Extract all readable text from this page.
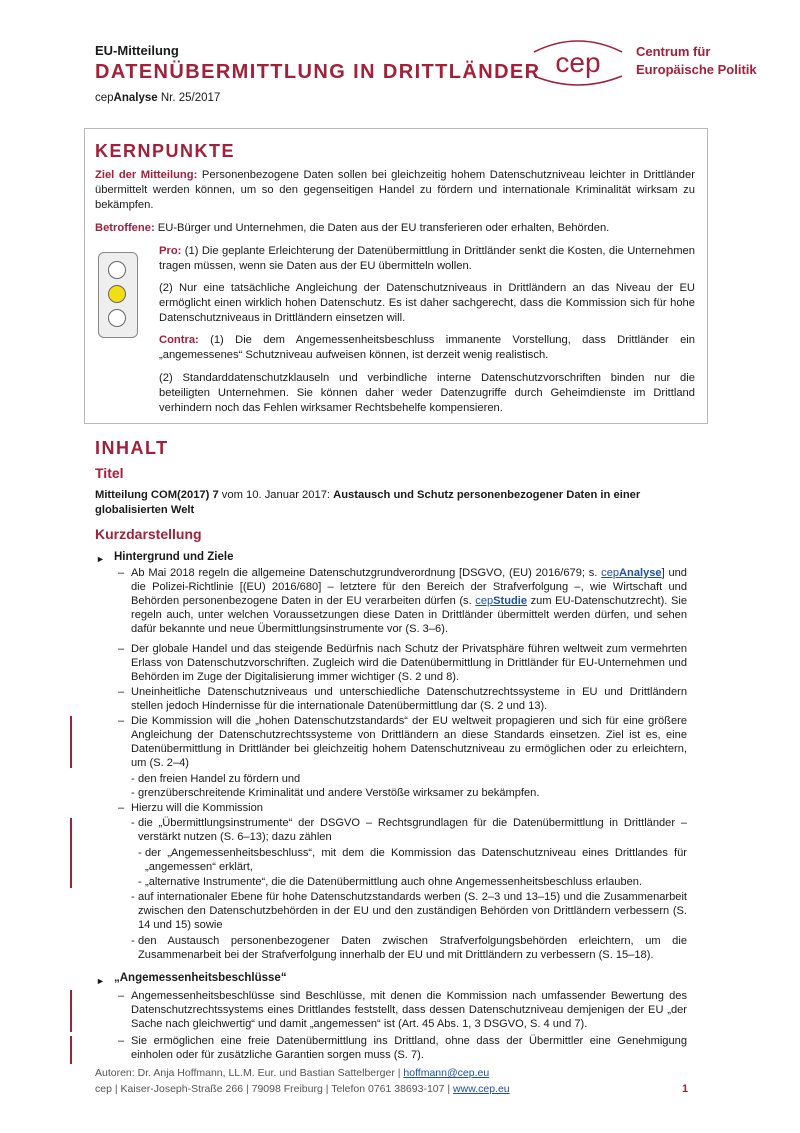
EU-Mitteilung
DATENÜBERMITTLUNG IN DRITTLÄNDER
cepAnalyse Nr. 25/2017
cep	Centrum für
Europäische Politik
KERNPUNKTE
Ziel der Mitteilung: Personenbezogene Daten sollen bei gleichzeitig hohem Datenschutzniveau leichter in Drittländer übermittelt werden können, um so den gegenseitigen Handel zu fördern und internationale Kriminalität wirksam zu bekämpfen.
Betroffene: EU-Bürger und Unternehmen, die Daten aus der EU transferieren oder erhalten, Behörden.
Pro: (1) Die geplante Erleichterung der Datenübermittlung in Drittländer senkt die Kosten, die Unternehmen tragen müssen, wenn sie Daten aus der EU übermitteln wollen.
(2) Nur eine tatsächliche Angleichung der Datenschutzniveaus in Drittländern an das Niveau der EU ermöglicht einen wirklich hohen Datenschutz. Es ist daher sachgerecht, dass die Kommission sich für hohe Datenschutzniveaus in Drittländern einsetzen will.
Contra: (1) Die dem Angemessenheitsbeschluss immanente Vorstellung, dass Drittländer ein „angemessenes“ Schutzniveau aufweisen können, ist derzeit wenig realistisch.
(2) Standarddatenschutzklauseln und verbindliche interne Datenschutzvorschriften binden nur die beteiligten Unternehmen. Sie können daher weder Datenzugriffe durch Geheimdienste im Drittland verhindern noch das Fehlen wirksamer Rechtsbehelfe kompensieren.
INHALT
Titel
Mitteilung COM(2017) 7 vom 10. Januar 2017: Austausch und Schutz personenbezogener Daten in einer globalisierten Welt
Kurzdarstellung
► Hintergrund und Ziele
– Ab Mai 2018 regeln die allgemeine Datenschutzgrundverordnung [DSGVO, (EU) 2016/679; s. cepAnalyse] und die Polizei-Richtlinie [(EU) 2016/680] – letztere für den Bereich der Strafverfolgung –, wie Wirtschaft und Behörden personenbezogene Daten in der EU verarbeiten dürfen (s. cepStudie zum EU-Datenschutzrecht). Sie regeln auch, unter welchen Voraussetzungen diese Daten in Drittländer übermittelt werden dürfen, und sehen dafür bekannte und neue Übermittlungsinstrumente vor (S. 3–6).
– Der globale Handel und das steigende Bedürfnis nach Schutz der Privatsphäre führen weltweit zum vermehrten Erlass von Datenschutzvorschriften. Zugleich wird die Datenübermittlung in Drittländer für EU-Unternehmen und Behörden im Zuge der Digitalisierung immer wichtiger (S. 2 und 8).
– Uneinheitliche Datenschutzniveaus und unterschiedliche Datenschutzrechtssysteme in EU und Drittländern stellen jedoch Hindernisse für die internationale Datenübermittlung dar (S. 2 und 13).
– Die Kommission will die „hohen Datenschutzstandards“ der EU weltweit propagieren und sich für eine größere Angleichung der Datenschutzrechtssysteme von Drittländern an diese Standards einsetzen. Ziel ist es, eine Datenübermittlung in Drittländer bei gleichzeitig hohem Datenschutzniveau zu ermöglichen oder zu erleichtern, um (S. 2–4)
- den freien Handel zu fördern und
- grenzüberschreitende Kriminalität und andere Verstöße wirksamer zu bekämpfen.
– Hierzu will die Kommission
- die „Übermittlungsinstrumente“ der DSGVO – Rechtsgrundlagen für die Datenübermittlung in Drittländer – verstärkt nutzen (S. 6–13); dazu zählen
- der „Angemessenheitsbeschluss“, mit dem die Kommission das Datenschutzniveau eines Drittlandes für „angemessen“ erklärt,
- „alternative Instrumente“, die die Datenübermittlung auch ohne Angemessenheitsbeschluss erlauben.
- auf internationaler Ebene für hohe Datenschutzstandards werben (S. 2–3 und 13–15) und die Zusammenarbeit zwischen den Datenschutzbehörden in der EU und den zuständigen Behörden von Drittländern verbessern (S. 14 und 15) sowie
- den Austausch personenbezogener Daten zwischen Strafverfolgungsbehörden erleichtern, um die Zusammenarbeit bei der Strafverfolgung innerhalb der EU und mit Drittländern zu verbessern (S. 15–18).
► „Angemessenheitsbeschlüsse“
– Angemessenheitsbeschlüsse sind Beschlüsse, mit denen die Kommission nach umfassender Bewertung des Datenschutzrechtssystems eines Drittlandes feststellt, dass dessen Datenschutzniveau demjenigen der EU „der Sache nach gleichwertig“ und damit „angemessen“ ist (Art. 45 Abs. 1, 3 DSGVO, S. 4 und 7).
– Sie ermöglichen eine freie Datenübermittlung ins Drittland, ohne dass der Übermittler eine Genehmigung einholen oder für zusätzliche Garantien sorgen muss (S. 7).
Autoren: Dr. Anja Hoffmann, LL.M. Eur. und Bastian Sattelberger | hoffmann@cep.eu
cep | Kaiser-Joseph-Straße 266 | 79098 Freiburg | Telefon 0761 38693-107 | www.cep.eu	1
